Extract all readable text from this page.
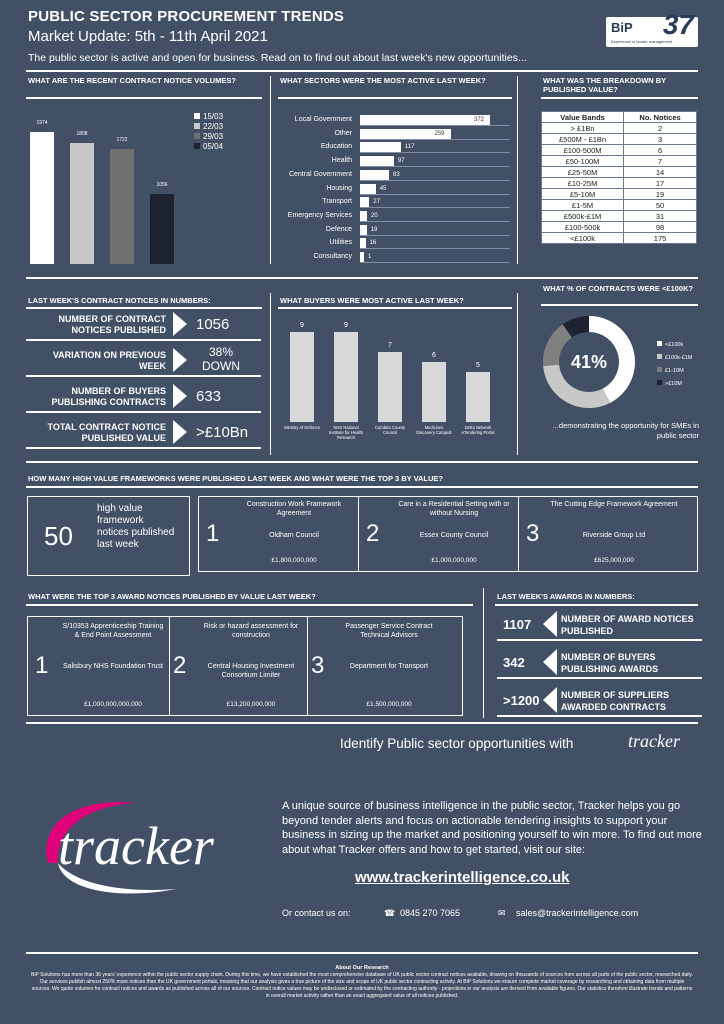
PUBLIC SECTOR PROCUREMENT TRENDS
Market Update: 5th - 11th April 2021
The public sector is active and open for business. Read on to find out about last week's new opportunities...
BiP 37
Experience in tender management
WHAT ARE THE RECENT CONTRACT NOTICE VOLUMES?
1974
1808
1722
1056
15/03
22/03
29/03
05/04
WHAT SECTORS WERE THE MOST ACTIVE LAST WEEK?
Local Government	372
Other	259
Education	117
Health	97
Central Government	83
Housing	45
Transport	27
Emergency Services	20
Defence	19
Utilities	16
Consultancy	1
WHAT WAS THE BREAKDOWN BY PUBLISHED VALUE?
Value Bands	No. Notices
> £1Bn	2
£500M - £1Bn	3
£100-500M	6
£50-100M	7
£25-50M	14
£10-25M	17
£5-10M	19
£1-5M	50
£500k-£1M	31
£100-500k	98
<£100k	175
LAST WEEK'S CONTRACT NOTICES IN NUMBERS:
NUMBER OF CONTRACT NOTICES PUBLISHED 1056
VARIATION ON PREVIOUS WEEK
38% DOWN
NUMBER OF BUYERS PUBLISHING CONTRACTS 633
TOTAL CONTRACT NOTICE PUBLISHED VALUE >£10Bn
WHAT BUYERS WERE MOST ACTIVE LAST WEEK?
9
Ministry of Defence
9
NHS National Institute for Health Research
7
Cumbria County Council
6
Medicines Discovery Catapult
5
Defra Network eTendering Portal
WHAT % OF CONTRACTS WERE <£100K?
41%
<£100k
£100k-£1M
£1-10M
>£10M
...demonstrating the opportunity for SMEs in public sector
HOW MANY HIGH VALUE FRAMEWORKS WERE PUBLISHED LAST WEEK AND WHAT WERE THE TOP 3 BY VALUE?
50
high value framework notices published last week	1
Construction Work Framework Agreement
Oldham Council
£1,800,000,000
2
Care in a Residential Setting with or without Nursing
Essex County Council
£1,000,000,000
3
The Cutting Edge Framework Agreement
Riverside Group Ltd
£625,000,000
WHAT WERE THE TOP 3 AWARD NOTICES PUBLISHED BY VALUE LAST WEEK?
1
S/10353 Apprenticeship Training & End Point Assessment
Salisbury NHS Foundation Trust
£1,000,000,000,000
2
Risk or hazard assessment for construction
Central Housing Investment Consortium Limiter
£13,200,000,000
3
Passenger Service Contract Technical Advisors
Department for Transport
£1,500,000,000
LAST WEEK'S AWARDS IN NUMBERS:
1107	NUMBER OF AWARD NOTICES PUBLISHED
342	NUMBER OF BUYERS PUBLISHING AWARDS
>1200 NUMBER OF SUPPLIERS AWARDED CONTRACTS
Identify Public sector opportunities with	tracker
tracker
A unique source of business intelligence in the public sector, Tracker helps you go beyond tender alerts and focus on actionable tendering insights to support your business in sizing up the market and positioning yourself to win more. To find out more about what Tracker offers and how to get started, visit our site:
www.trackerintelligence.co.uk
Or contact us on:	☎ 0845 270 7065	✉ sales@trackerintelligence.com
About Our Research
BiP Solutions has more than 36 years' experience within the public sector supply chain. During this time, we have established the most comprehensive database of UK public sector contract notices available, drawing on thousands of sources from across all parts of the public sector, researched daily. Our services publish almost 250% more notices than the UK government portals, meaning that our analysis gives a true picture of the size and scope of UK public sector contracting activity. At BiP Solutions we ensure complete market coverage by researching and obtaining data from multiple sources. We quote volumes for contract notices and awards as published across all of our sources. Contract notice values may be undisclosed or estimated by the contracting authority - projections in our analysis are derived from available figures. Our statistics therefore illustrate trends and patterns in overall market activity rather than an exact aggregated value of all notices published.
